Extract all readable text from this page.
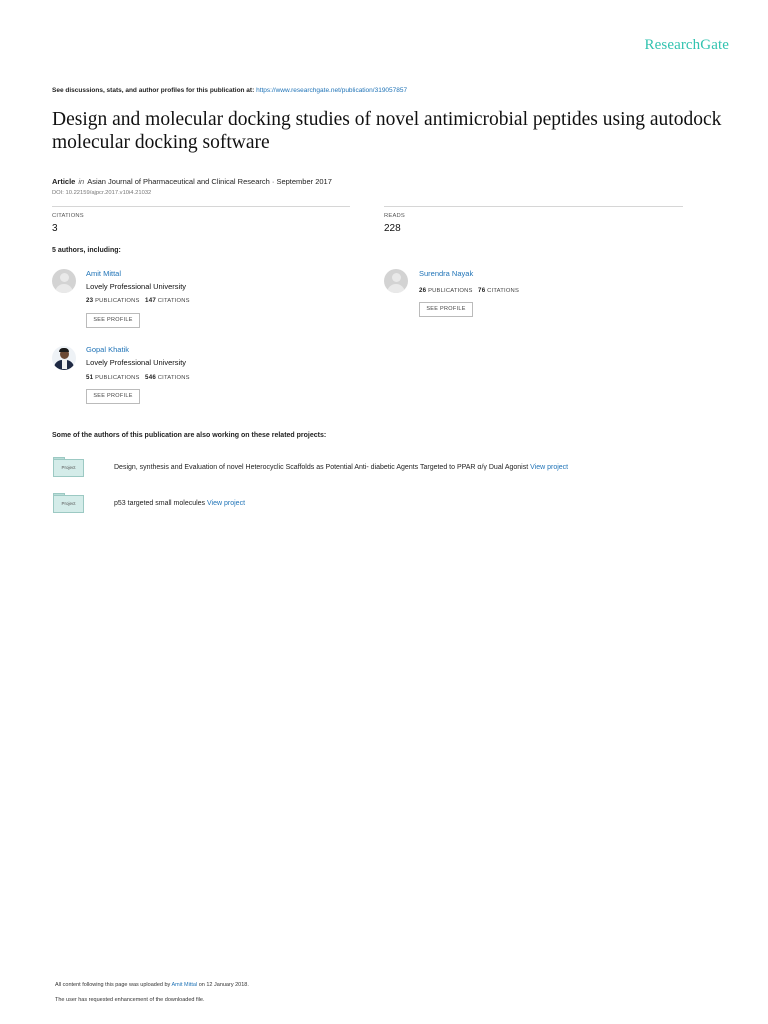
ResearchGate
See discussions, stats, and author profiles for this publication at: https://www.researchgate.net/publication/319057857
Design and molecular docking studies of novel antimicrobial peptides using autodock molecular docking software
Article in Asian Journal of Pharmaceutical and Clinical Research · September 2017
DOI: 10.22159/ajpcr.2017.v10i4.21032
CITATIONS
3
READS
228
5 authors, including:
Amit Mittal
Lovely Professional University
23 PUBLICATIONS 147 CITATIONS
SEE PROFILE
Surendra Nayak
26 PUBLICATIONS 76 CITATIONS
SEE PROFILE
Gopal Khatik
Lovely Professional University
51 PUBLICATIONS 546 CITATIONS
SEE PROFILE
Some of the authors of this publication are also working on these related projects:
Project	Design, synthesis and Evaluation of novel Heterocyclic Scaffolds as Potential Anti- diabetic Agents Targeted to PPAR α/γ Dual Agonist View project
Project	p53 targeted small molecules View project
All content following this page was uploaded by Amit Mittal on 12 January 2018.
The user has requested enhancement of the downloaded file.
